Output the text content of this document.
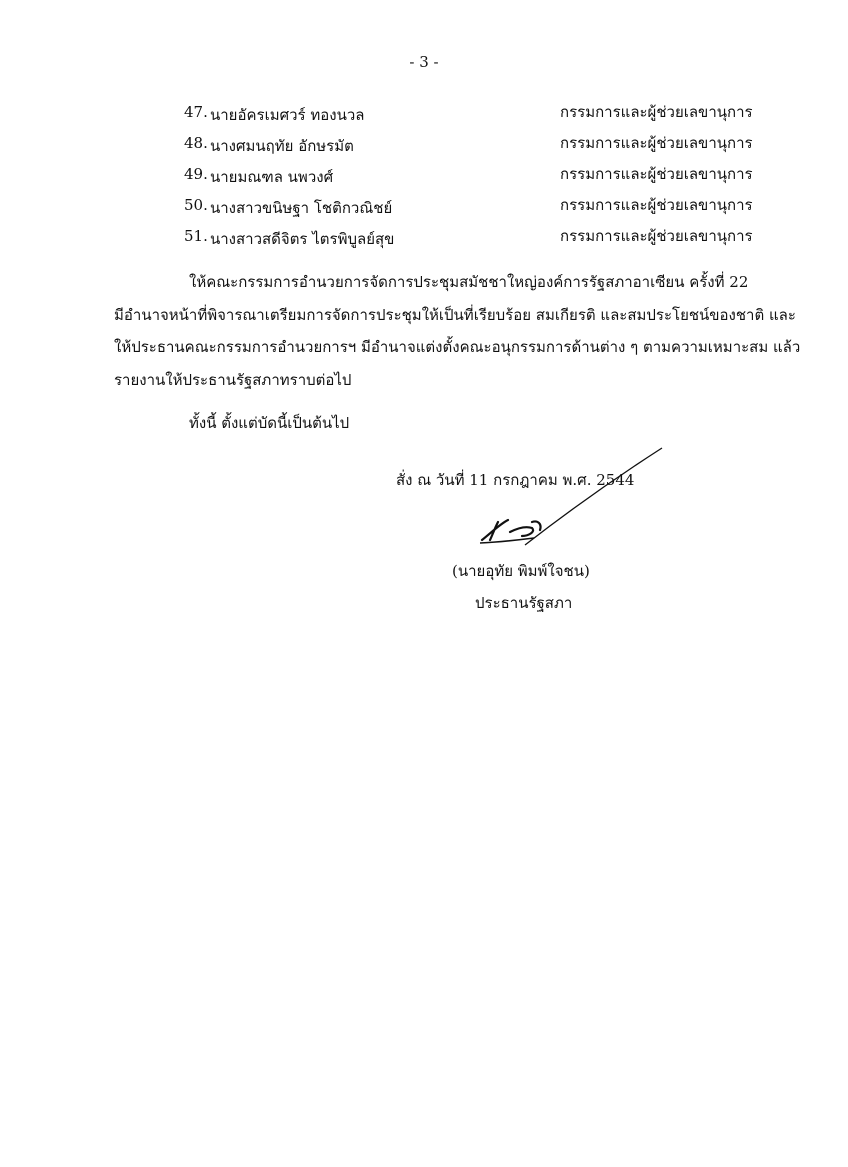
- 3 -
47. นายอัครเมศวร์ ทองนวล	กรรมการและผู้ช่วยเลขานุการ
48. นางศมนฤทัย อักษรมัต	กรรมการและผู้ช่วยเลขานุการ
49. นายมณฑล นพวงศ์	กรรมการและผู้ช่วยเลขานุการ
50. นางสาวขนิษฐา โชติกวณิชย์	กรรมการและผู้ช่วยเลขานุการ
51. นางสาวสดีจิตร ไตรพิบูลย์สุข	กรรมการและผู้ช่วยเลขานุการ
ให้คณะกรรมการอำนวยการจัดการประชุมสมัชชาใหญ่องค์การรัฐสภาอาเซียน ครั้งที่ 22
มีอำนาจหน้าที่พิจารณาเตรียมการจัดการประชุมให้เป็นที่เรียบร้อย สมเกียรติ และสมประโยชน์ของชาติ และ
ให้ประธานคณะกรรมการอำนวยการฯ มีอำนาจแต่งตั้งคณะอนุกรรมการด้านต่าง ๆ ตามความเหมาะสม แล้ว
รายงานให้ประธานรัฐสภาทราบต่อไป
ทั้งนี้ ตั้งแต่บัดนี้เป็นต้นไป
สั่ง ณ วันที่ 11 กรกฎาคม พ.ศ. 2544
(นายอุทัย พิมพ์ใจชน)
ประธานรัฐสภา
